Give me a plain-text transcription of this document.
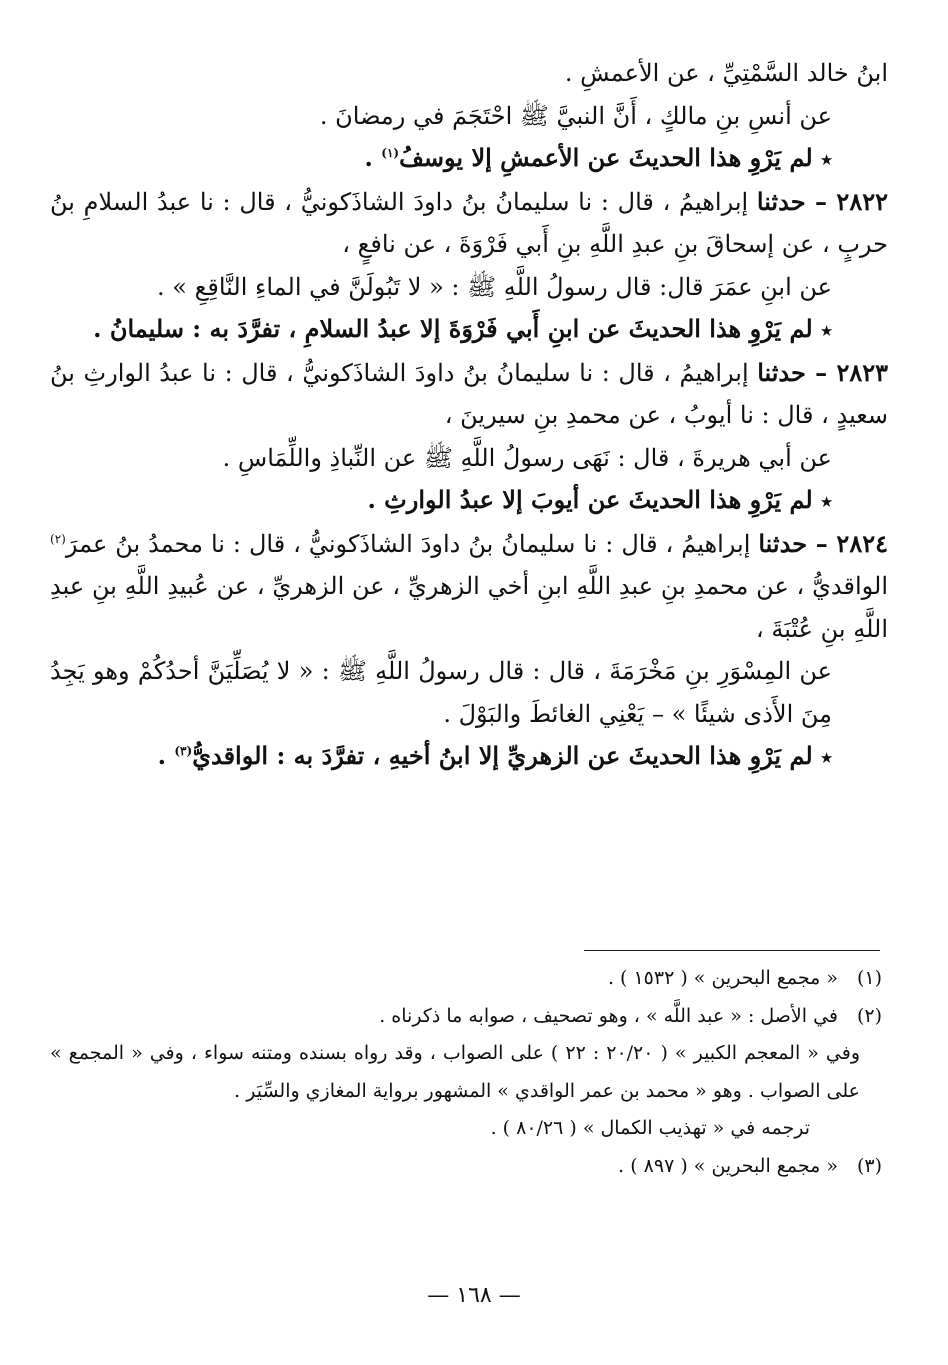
ابنُ خالد السَّمْتِيِّ ، عن الأعمشِ .

عن أنسِ بنِ مالكٍ ، أَنَّ النبيَّ ﷺ احْتَجَمَ في رمضانَ .

٭ لم يَرْوِ هذا الحديثَ عن الأعمشِ إلا يوسفُ$^{(١)}$ .

٢٨٢٢ – حدثنا إبراهيمُ ، قال : نا سليمانُ بنُ داودَ الشاذَكونيُّ ، قال : نا عبدُ السلامِ بنُ حربٍ ، عن إسحاقَ بنِ عبدِ اللَّهِ بنِ أَبي فَرْوَةَ ، عن نافعٍ ،

عن ابنِ عمَرَ قال: قال رسولُ اللَّهِ ﷺ : « لا تَبُولَنَّ في الماءِ النَّاقِعِ » .

٭ لم يَرْوِ هذا الحديثَ عن ابنِ أَبي فَرْوَةَ إلا عبدُ السلامِ ، تفرَّدَ به : سليمانُ .

٢٨٢٣ – حدثنا إبراهيمُ ، قال : نا سليمانُ بنُ داودَ الشاذَكونيُّ ، قال : نا عبدُ الوارثِ بنُ سعيدٍ ، قال : نا أيوبُ ، عن محمدِ بنِ سيرينَ ،

عن أبي هريرةَ ، قال : نَهَى رسولُ اللَّهِ ﷺ عن النِّباذِ واللِّمَاسِ .

٭ لم يَرْوِ هذا الحديثَ عن أيوبَ إلا عبدُ الوارثِ .

٢٨٢٤ – حدثنا إبراهيمُ ، قال : نا سليمانُ بنُ داودَ الشاذَكونيُّ ، قال : نا محمدُ بنُ عمرَ$^{(٢)}$ الواقديُّ ، عن محمدِ بنِ عبدِ اللَّهِ ابنِ أخي الزهريِّ ، عن الزهريِّ ، عن عُبيدِ اللَّهِ بنِ عبدِ اللَّهِ بنِ عُتْبَةَ ،

عن المِسْوَرِ بنِ مَخْرَمَةَ ، قال : قال رسولُ اللَّهِ ﷺ : « لا يُصَلِّيَنَّ أحدُكُمْ وهو يَجِدُ مِنَ الأَذى شيئًا » – يَعْنِي الغائطَ والبَوْلَ .

٭ لم يَرْوِ هذا الحديثَ عن الزهريِّ إلا ابنُ أخيهِ ، تفرَّدَ به : الواقديُّ$^{(٣)}$ .

(١)
« مجمع البحرين » ( ١٥٣٢ ) .
(٢)
في الأصل : « عبد اللَّه » ، وهو تصحيف ، صوابه ما ذكرناه .

وفي « المعجم الكبير » ( ٢٠/٢٠ : ٢٢ ) على الصواب ، وقد رواه بسنده ومتنه سواء ، وفي « المجمع » على الصواب . وهو « محمد بن عمر الواقدي » المشهور برواية المغازي والسِّيَر .

ترجمه في « تهذيب الكمال » ( ٨٠/٢٦ ) .

(٣)
« مجمع البحرين » ( ٨٩٧ ) .
— ١٦٨ —
